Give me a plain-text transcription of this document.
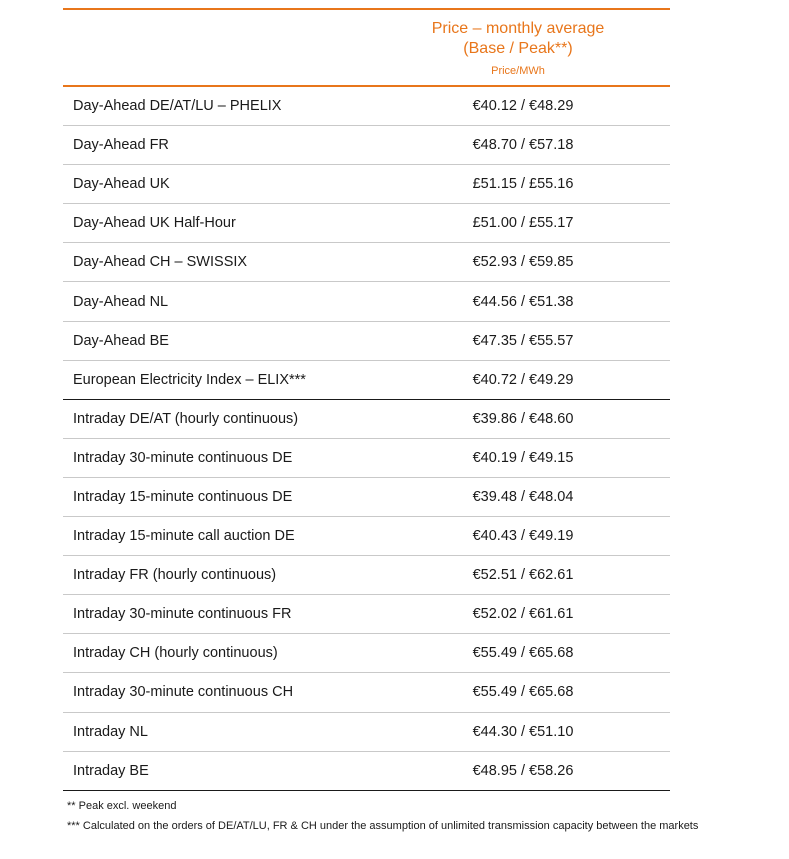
Price – monthly average
(Base / Peak**)
Price/MWh
Day-Ahead DE/AT/LU – PHELIX	€40.12 / €48.29
Day-Ahead FR	€48.70 / €57.18
Day-Ahead UK	£51.15 / £55.16
Day-Ahead UK Half-Hour	£51.00 / £55.17
Day-Ahead CH – SWISSIX	€52.93 / €59.85
Day-Ahead NL	€44.56 / €51.38
Day-Ahead BE	€47.35 / €55.57
European Electricity Index – ELIX***	€40.72 / €49.29
Intraday DE/AT (hourly continuous)	€39.86 / €48.60
Intraday 30-minute continuous DE	€40.19 / €49.15
Intraday 15-minute continuous DE	€39.48 / €48.04
Intraday 15-minute call auction DE	€40.43 / €49.19
Intraday FR (hourly continuous)	€52.51 / €62.61
Intraday 30-minute continuous FR	€52.02 / €61.61
Intraday CH (hourly continuous)	€55.49 / €65.68
Intraday 30-minute continuous CH	€55.49 / €65.68
Intraday NL	€44.30 / €51.10
Intraday BE	€48.95 / €58.26
** Peak excl. weekend
*** Calculated on the orders of DE/AT/LU, FR & CH under the assumption of unlimited transmission capacity between the markets
